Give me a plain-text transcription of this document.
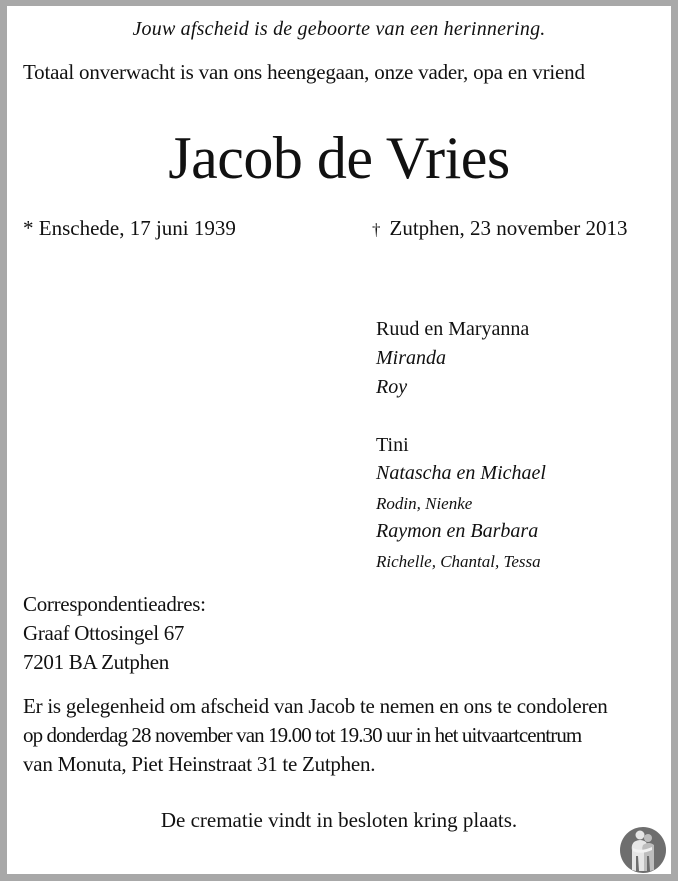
Jouw afscheid is de geboorte van een herinnering.
Totaal onverwacht is van ons heengegaan, onze vader, opa en vriend
Jacob de Vries
* Enschede, 17 juni 1939	† Zutphen, 23 november 2013
Ruud en Maryanna
Miranda
Roy
Tini
Natascha en Michael
Rodin, Nienke
Raymon en Barbara
Richelle, Chantal, Tessa
Correspondentieadres:
Graaf Ottosingel 67
7201 BA Zutphen
Er is gelegenheid om afscheid van Jacob te nemen en ons te condoleren
op donderdag 28 november van 19.00 tot 19.30 uur in het uitvaartcentrum
van Monuta, Piet Heinstraat 31 te Zutphen.
De crematie vindt in besloten kring plaats.
